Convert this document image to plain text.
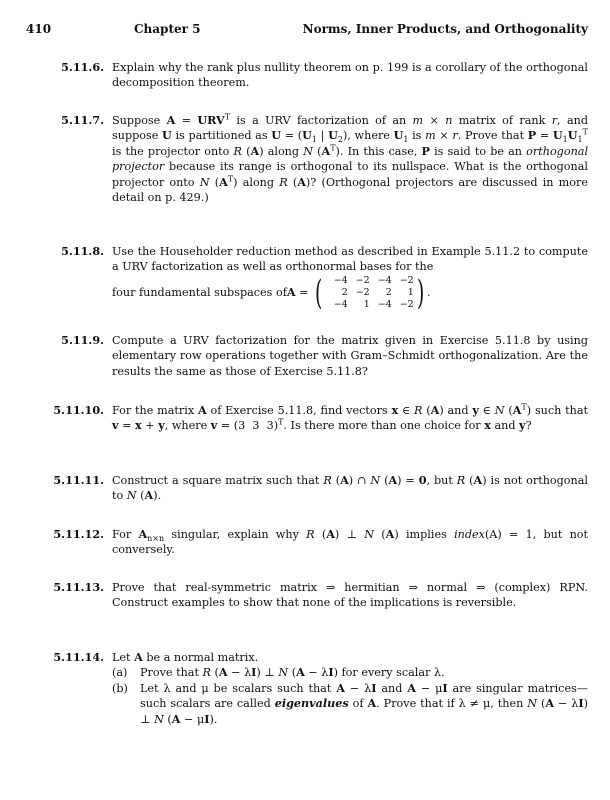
410	Chapter 5	Norms, Inner Products, and Orthogonality
5.11.6. Explain why the rank plus nullity theorem on p. 199 is a corollary of the orthogonal decomposition theorem.

5.11.7. Suppose $A = URV^T$ is a URV factorization of an m × n matrix of rank r, and suppose U is partitioned as $U = (U_1$ | $U_2$), where $U_1$ is m × r. Prove that $P = U_1U_1^T$ is the projector onto R (A) along N $(A^T)$. In this case, P is said to be an orthogonal projector because its range is orthogonal to its nullspace. What is the orthogonal projector onto N $(A^T)$ along R (A)? (Orthogonal projectors are discussed in more detail on p. 429.)

5.11.8. Use the Householder reduction method as described in Example 5.11.2 to compute a URV factorization as well as orthonormal bases for the

four fundamental subspaces of A = (	−4 −2 −4 −2
2 −2	2	1
−4	1 −4 −2 ) .
5.11.9. Compute a URV factorization for the matrix given in Exercise 5.11.8 by using elementary row operations together with Gram–Schmidt orthogonalization. Are the results the same as those of Exercise 5.11.8?

5.11.10. For the matrix A of Exercise 5.11.8, find vectors x ∈ R (A) and y ∈ N $(A^T)$ such that v = x + y, where v = (3  3  3)$^T$. Is there more than one choice for x and y?

5.11.11. Construct a square matrix such that R (A) ∩ N (A) = 0, but R (A) is not orthogonal to N (A).

5.11.12. For $A_{n\times n}$ singular, explain why R (A) ⊥ N (A) implies index(A) = 1, but not conversely.

5.11.13. Prove that real-symmetric matrix ⇒ hermitian ⇒ normal ⇒ (complex) RPN. Construct examples to show that none of the implications is reversible.

5.11.14. Let A be a normal matrix.

(a) Prove that R (A − λI) ⊥ N (A − λI) for every scalar λ.

(b) Let λ and μ be scalars such that A − λI and A − μI are singular matrices—such scalars are called eigenvalues of A. Prove that if λ ≠ μ, then N (A − λI) ⊥ N (A − μI).
